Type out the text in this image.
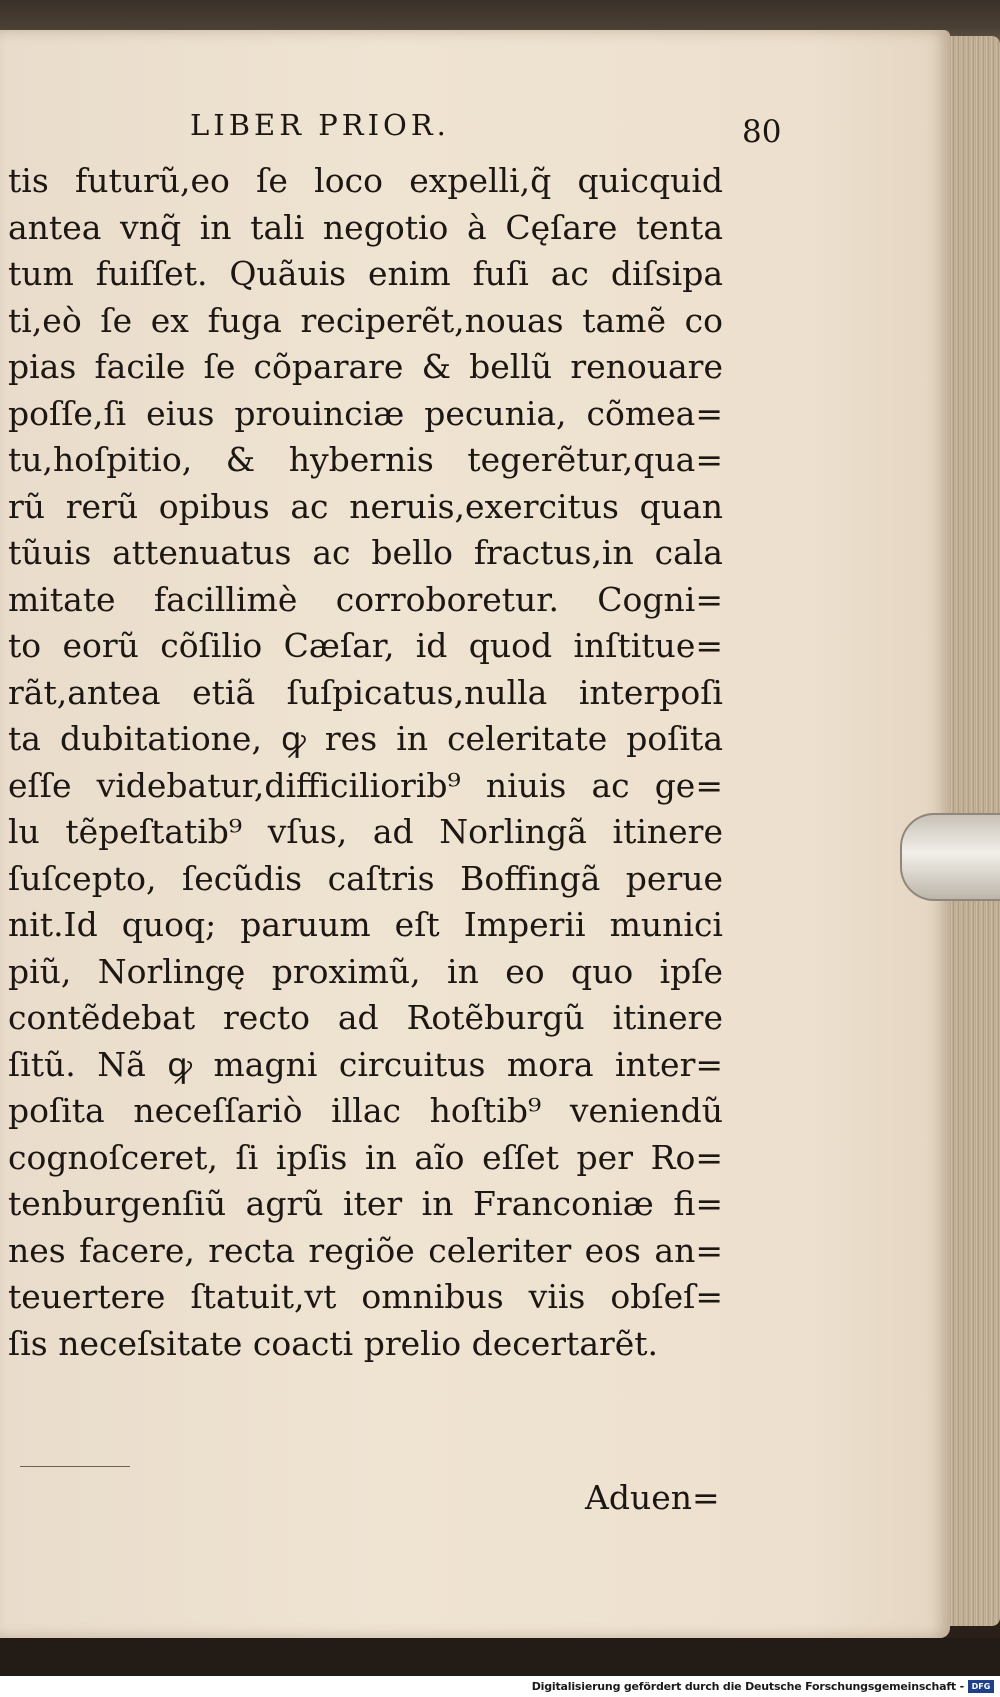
LIBER PRIOR.	80
tis futurũ,eo ſe loco expelli,q̃ quicquid
antea vnq̃ in tali negotio à Cęſare tenta
tum fuiſſet. Quãuis enim fuſi ac diſsipa
ti,eò ſe ex fuga reciperẽt,nouas tamẽ co
pias facile ſe cõparare & bellũ renouare
poſſe,ſi eius prouinciæ pecunia, cõmea=
tu,hoſpitio, & hybernis tegerẽtur,qua=
rũ rerũ opibus ac neruis,exercitus quan
tũuis attenuatus ac bello fractus,in cala
mitate facillimè corroboretur. Cogni=
to eorũ cõſilio Cæſar, id quod inſtitue=
rãt,antea etiã ſuſpicatus,nulla interpoſi
ta dubitatione, ꝙ res in celeritate poſita
eſſe videbatur,difficiliorib⁹ niuis ac ge=
lu tẽpeſtatib⁹ vſus, ad Norlingã itinere
ſuſcepto, ſecũdis caſtris Boffingã perue
nit.Id quoq; paruum eſt Imperii munici
piũ, Norlingę proximũ, in eo quo ipſe
contẽdebat recto ad Rotẽburgũ itinere
ſitũ. Nã ꝙ magni circuitus mora inter=
poſita neceſſariò illac hoſtib⁹ veniendũ
cognoſceret, ſi ipſis in aĩo eſſet per Ro=
tenburgenſiũ agrũ iter in Franconiæ fi=
nes facere, recta regiõe celeriter eos an=
teuertere ſtatuit,vt omnibus viis obſeſ=
ſis neceſsitate coacti prelio decertarẽt.
Aduen=
Digitalisierung gefördert durch die Deutsche Forschungsgemeinschaft - DFG
